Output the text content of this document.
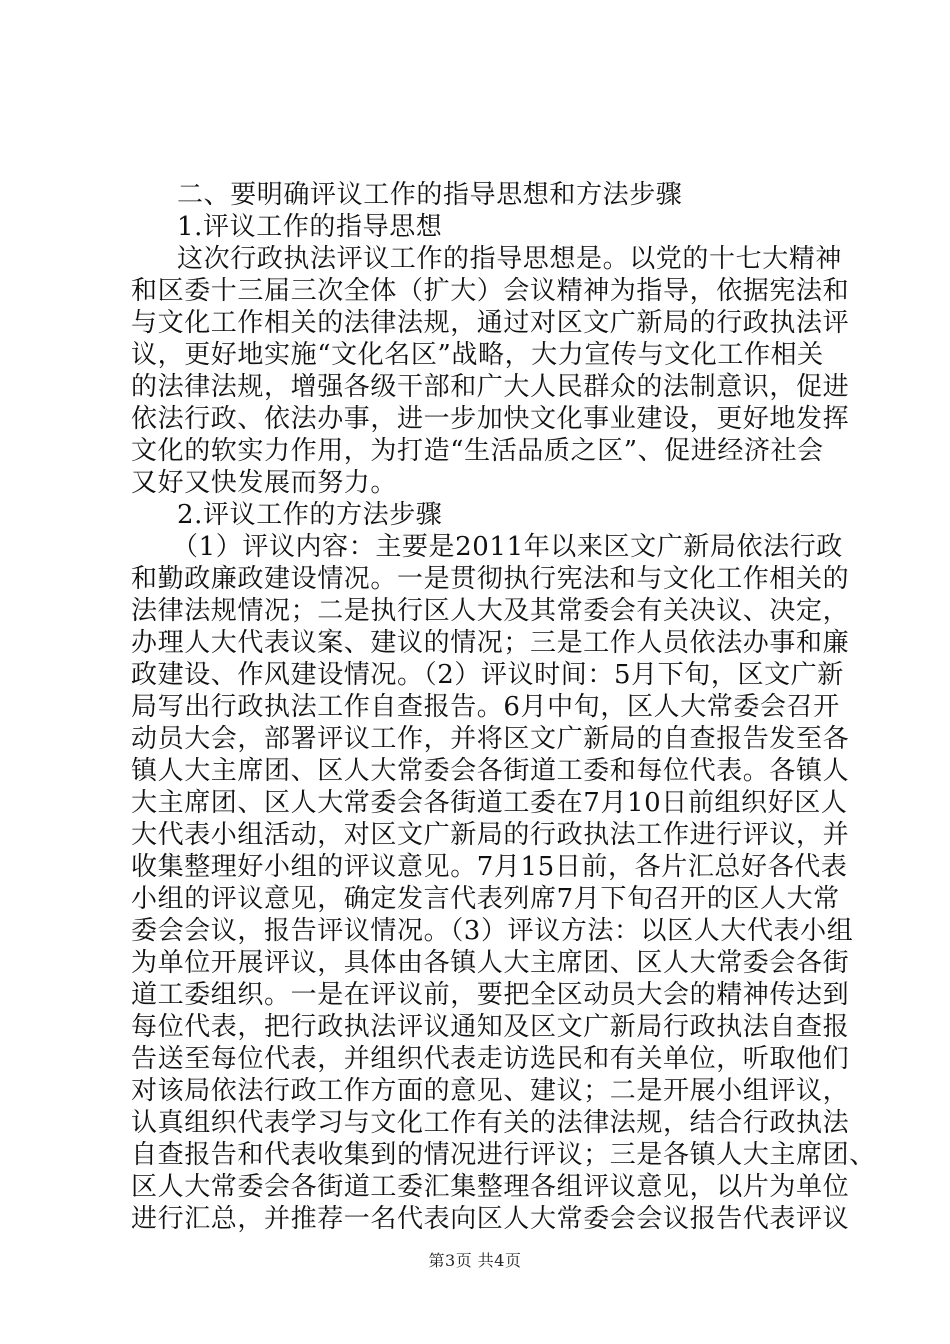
二、要明确评议工作的指导思想和方法步骤
1.评议工作的指导思想
这次行政执法评议工作的指导思想是。以党的十七大精神
和区委十三届三次全体（扩大）会议精神为指导，依据宪法和
与文化工作相关的法律法规，通过对区文广新局的行政执法评
议，更好地实施“文化名区”战略，大力宣传与文化工作相关
的法律法规，增强各级干部和广大人民群众的法制意识，促进
依法行政、依法办事，进一步加快文化事业建设，更好地发挥
文化的软实力作用，为打造“生活品质之区”、促进经济社会
又好又快发展而努力。
2.评议工作的方法步骤
（1）评议内容：主要是2011年以来区文广新局依法行政
和勤政廉政建设情况。一是贯彻执行宪法和与文化工作相关的
法律法规情况；二是执行区人大及其常委会有关决议、决定，
办理人大代表议案、建议的情况；三是工作人员依法办事和廉
政建设、作风建设情况。（2）评议时间：5月下旬，区文广新
局写出行政执法工作自查报告。6月中旬，区人大常委会召开
动员大会，部署评议工作，并将区文广新局的自查报告发至各
镇人大主席团、区人大常委会各街道工委和每位代表。各镇人
大主席团、区人大常委会各街道工委在7月10日前组织好区人
大代表小组活动，对区文广新局的行政执法工作进行评议，并
收集整理好小组的评议意见。7月15日前，各片汇总好各代表
小组的评议意见，确定发言代表列席7月下旬召开的区人大常
委会会议，报告评议情况。（3）评议方法：以区人大代表小组
为单位开展评议，具体由各镇人大主席团、区人大常委会各街
道工委组织。一是在评议前，要把全区动员大会的精神传达到
每位代表，把行政执法评议通知及区文广新局行政执法自查报
告送至每位代表，并组织代表走访选民和有关单位，听取他们
对该局依法行政工作方面的意见、建议；二是开展小组评议，
认真组织代表学习与文化工作有关的法律法规，结合行政执法
自查报告和代表收集到的情况进行评议；三是各镇人大主席团、
区人大常委会各街道工委汇集整理各组评议意见，以片为单位
进行汇总，并推荐一名代表向区人大常委会会议报告代表评议
第3页 共4页
